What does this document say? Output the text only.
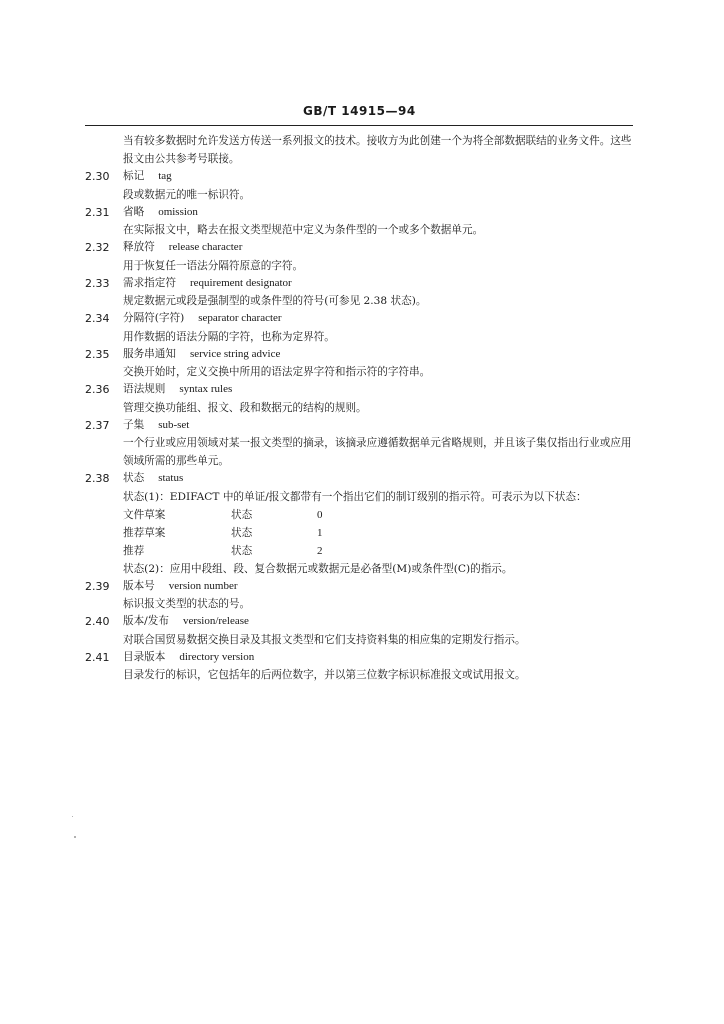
GB/T 14915—94
当有较多数据时允许发送方传送一系列报文的技术。接收方为此创建一个为将全部数据联结的业务文件。这些报文由公共参考号联接。
2.30 标记 tag
段或数据元的唯一标识符。
2.31 省略 omission
在实际报文中，略去在报文类型规范中定义为条件型的一个或多个数据单元。
2.32 释放符 release character
用于恢复任一语法分隔符原意的字符。
2.33 需求指定符 requirement designator
规定数据元或段是强制型的或条件型的符号(可参见 2.38 状态)。
2.34 分隔符(字符) separator character
用作数据的语法分隔的字符，也称为定界符。
2.35 服务串通知 service string advice
交换开始时，定义交换中所用的语法定界字符和指示符的字符串。
2.36 语法规则 syntax rules
管理交换功能组、报文、段和数据元的结构的规则。
2.37 子集 sub-set
一个行业或应用领域对某一报文类型的摘录，该摘录应遵循数据单元省略规则，并且该子集仅指出行业或应用领域所需的那些单元。
2.38 状态 status
状态(1)：EDIFACT 中的单证/报文都带有一个指出它们的制订级别的指示符。可表示为以下状态：
文件草案	状态	0
推荐草案	状态	1
推荐	状态	2
状态(2)：应用中段组、段、复合数据元或数据元是必备型(M)或条件型(C)的指示。
2.39 版本号 version number
标识报文类型的状态的号。
2.40 版本/发布 version/release
对联合国贸易数据交换目录及其报文类型和它们支持资料集的相应集的定期发行指示。
2.41 目录版本 directory version
目录发行的标识，它包括年的后两位数字，并以第三位数字标识标准报文或试用报文。
